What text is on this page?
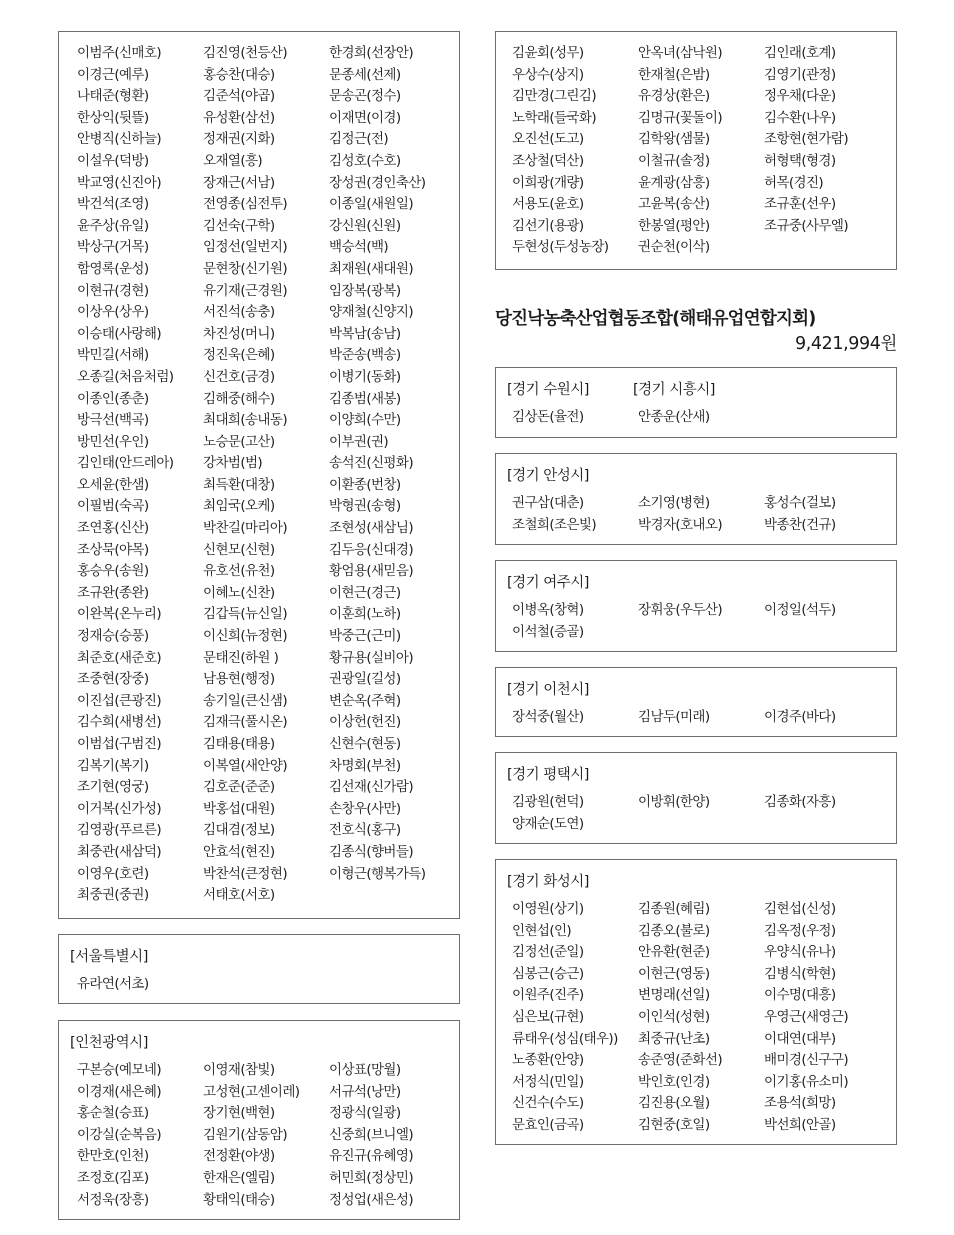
이범주(신매호)	김진영(천등산)	한경희(선장안)
이경근(예루)	홍승찬(대승)	문종세(선제)
나태준(형환)	김준석(야곱)	문송곤(정수)
한상익(뒷뜰)	유성환(삼선)	이재면(이경)
안병직(신하늘)	정재권(지화)	김정근(전)
이설우(덕방)	오재열(흥)	김성호(수호)
박교영(신진아)	장재근(서남)	장성권(경인축산)
박건석(조영)	전영종(심전투)	이종일(새원일)
윤주상(유일)	김선숙(구학)	강신원(신원)
박상구(거목)	임정선(일번지)	백승석(백)
함영록(운성)	문현창(신기원)	최재원(새대원)
이현규(경현)	유기재(근경원)	임장복(광복)
이상우(상우)	서진석(송충)	양재철(신양지)
이승태(사랑해)	차진성(머니)	박복남(송남)
박민길(서해)	정진욱(은혜)	박준송(백송)
오종길(처음처럼)	신건호(금경)	이병기(동화)
이종인(종춘)	김해중(해수)	김종범(새봉)
방극선(백곡)	최대희(송내동)	이양희(수만)
방민선(우인)	노승문(고산)	이부권(권)
김인태(안드레아)	강차범(범)	송석진(신평화)
오세윤(한샘)	최득환(대창)	이환종(번창)
이필범(숙곡)	최임국(오케)	박형권(송형)
조연홍(신산)	박찬길(마리아)	조현성(새삼님)
조상묵(야목)	신현모(신현)	김두응(신대경)
홍승우(송원)	유호선(유천)	황엄용(새믿음)
조규완(종완)	이혜노(신찬)	이현근(경근)
이완복(온누리)	김갑득(뉴신일)	이훈희(노하)
정재승(승풍)	이신희(뉴정현)	박중근(근미)
최준호(새준호)	문태진(하원 )	황규용(실비아)
조중현(장중)	남용현(행정)	권광일(길성)
이진섭(큰광진)	송기일(큰신샘)	변순옥(주혁)
김수희(새병선)	김재극(풀시온)	이상헌(헌진)
이범섭(구범진)	김태용(태용)	신현수(현동)
김복기(복기)	이복열(새안양)	차명회(부천)
조기현(영궁)	김호준(준준)	김선재(신가람)
이거복(신가성)	박홍섭(대원)	손창우(사만)
김영광(푸르른)	김대겸(정보)	전호식(홍구)
최중관(새삼덕)	안효석(현진)	김종식(향버들)
이영우(호련)	박찬석(큰정현)	이형근(행복가득)
최중권(중권)	서태호(서호)
[서울특별시]
유라연(서초)
[인천광역시]
구본승(예모네)	이영재(참빛)	이상표(망월)
이경재(새은혜)	고성현(고센이레)	서규석(낭만)
홍순철(승표)	장기현(백현)	정광식(일광)
이강실(순복음)	김원기(삼동암)	신중희(브니엘)
한만호(인천)	전정환(야생)	유진규(유혜영)
조정호(김포)	한재은(엘림)	허민희(정상민)
서정욱(장흥)	황태익(태승)	정성업(새은성)
김윤회(성무)	안옥녀(삼낙원)	김인래(호계)
우상수(상지)	한재철(은밤)	김영기(관정)
김만경(그린김)	유경상(환은)	정우채(다운)
노학래(들국화)	김명규(꽃돌이)	김수환(나우)
오진선(도고)	김학왕(샘물)	조항현(현가람)
조상철(덕산)	이철규(솔정)	허형택(형경)
이희광(개량)	윤계광(삼흥)	허목(경진)
서용도(윤호)	고윤복(송산)	조규훈(선우)
김선기(용광)	한봉열(평안)	조규중(사무엘)
두현성(두성농장)	권순천(이삭)
당진낙농축산업협동조합(해태유업연합지회)
9,421,994원
[경기 수원시]	[경기 시흥시]
김상돈(율전)	안종운(산새)
[경기 안성시]
권구삼(대춘)	소기영(병현)	홍성수(걸보)
조철희(조은빛)	박경자(호내오)	박종찬(건규)
[경기 여주시]
이병옥(창혁)	장휘웅(우두산)	이정일(석두)
이석철(증골)
[경기 이천시]
장석중(월산)	김남두(미래)	이경주(바다)
[경기 평택시]
김광원(현덕)	이방휘(한양)	김종화(자흥)
양재순(도연)
[경기 화성시]
이영원(상기)	김종원(혜림)	김현섭(신성)
인현섭(인)	김종오(불로)	김옥정(우정)
김정선(준일)	안유환(현준)	우양식(유나)
심봉근(승근)	이현근(영동)	김병식(학현)
이원주(진주)	변명래(선일)	이수명(대흥)
심은보(규현)	이인석(성현)	우영근(새영근)
류태우(성심(태우))	최중규(난초)	이대연(대부)
노종환(안양)	송준영(준화선)	배미경(신구구)
서정식(민일)	박인호(인경)	이기홍(유소미)
신건수(수도)	김진용(오월)	조용석(희망)
문효인(금곡)	김현중(호일)	박선희(안골)
